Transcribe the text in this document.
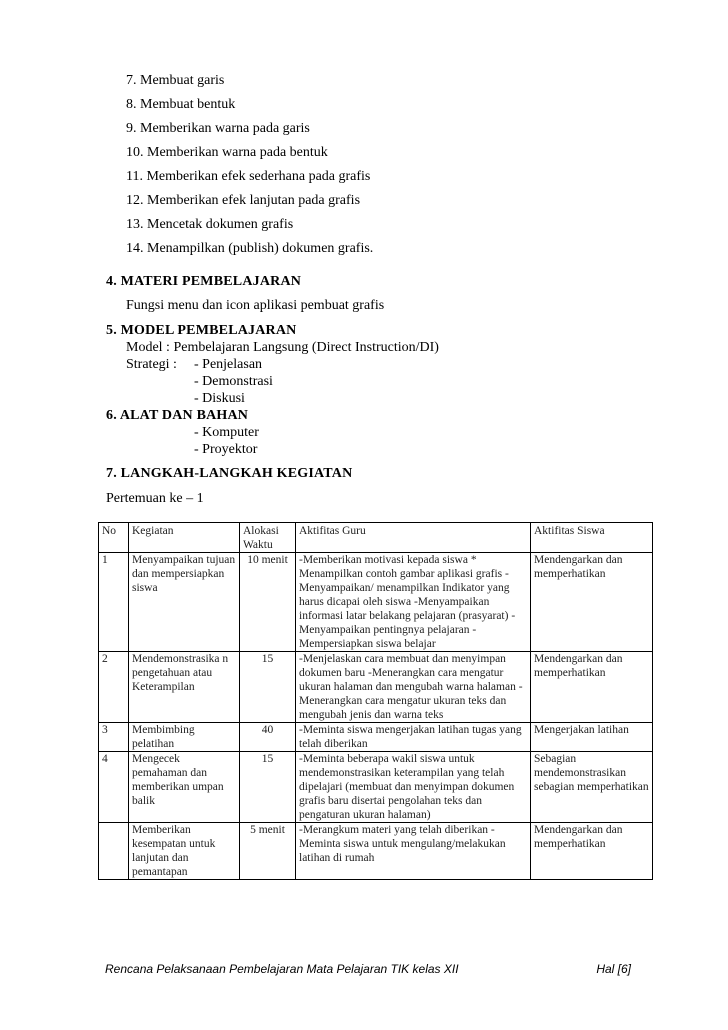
7. Membuat garis
8. Membuat bentuk
9. Memberikan warna pada garis
10. Memberikan warna pada bentuk
11. Memberikan efek sederhana pada grafis
12. Memberikan efek lanjutan pada grafis
13. Mencetak dokumen grafis
14. Menampilkan (publish) dokumen grafis.
4. MATERI PEMBELAJARAN
Fungsi menu dan icon aplikasi pembuat grafis
5. MODEL PEMBELAJARAN
Model : Pembelajaran Langsung (Direct Instruction/DI)
Strategi : - Penjelasan
- Demonstrasi
- Diskusi
6. ALAT DAN BAHAN
- Komputer
- Proyektor
7. LANGKAH-LANGKAH KEGIATAN
Pertemuan ke – 1
No	Kegiatan	Alokasi Waktu	Aktifitas Guru	Aktifitas Siswa
1	Menyampaikan tujuan dan mempersiapkan siswa	10 menit	-Memberikan motivasi kepada siswa * Menampilkan contoh gambar aplikasi grafis -Menyampaikan/ menampilkan Indikator yang harus dicapai oleh siswa -Menyampaikan informasi latar belakang pelajaran (prasyarat) - Menyampaikan pentingnya pelajaran -Mempersiapkan siswa belajar	Mendengarkan dan memperhatikan
2	Mendemonstrasika n pengetahuan atau Keterampilan	15	-Menjelaskan cara membuat dan menyimpan dokumen baru -Menerangkan cara mengatur ukuran halaman dan mengubah warna halaman -Menerangkan cara mengatur ukuran teks dan mengubah jenis dan warna teks	Mendengarkan dan memperhatikan
3	Membimbing pelatihan	40	-Meminta siswa mengerjakan latihan tugas yang telah diberikan	Mengerjakan latihan
4	Mengecek pemahaman dan memberikan umpan balik	15	-Meminta beberapa wakil siswa untuk mendemonstrasikan keterampilan yang telah dipelajari (membuat dan menyimpan dokumen grafis baru disertai pengolahan teks dan pengaturan ukuran halaman)	Sebagian mendemonstrasikan sebagian memperhatikan
	Memberikan kesempatan untuk lanjutan dan pemantapan	5 menit	-Merangkum materi yang telah diberikan -Meminta siswa untuk mengulang/melakukan latihan di rumah	Mendengarkan dan memperhatikan
Rencana Pelaksanaan Pembelajaran Mata Pelajaran TIK kelas XII	Hal [6]
